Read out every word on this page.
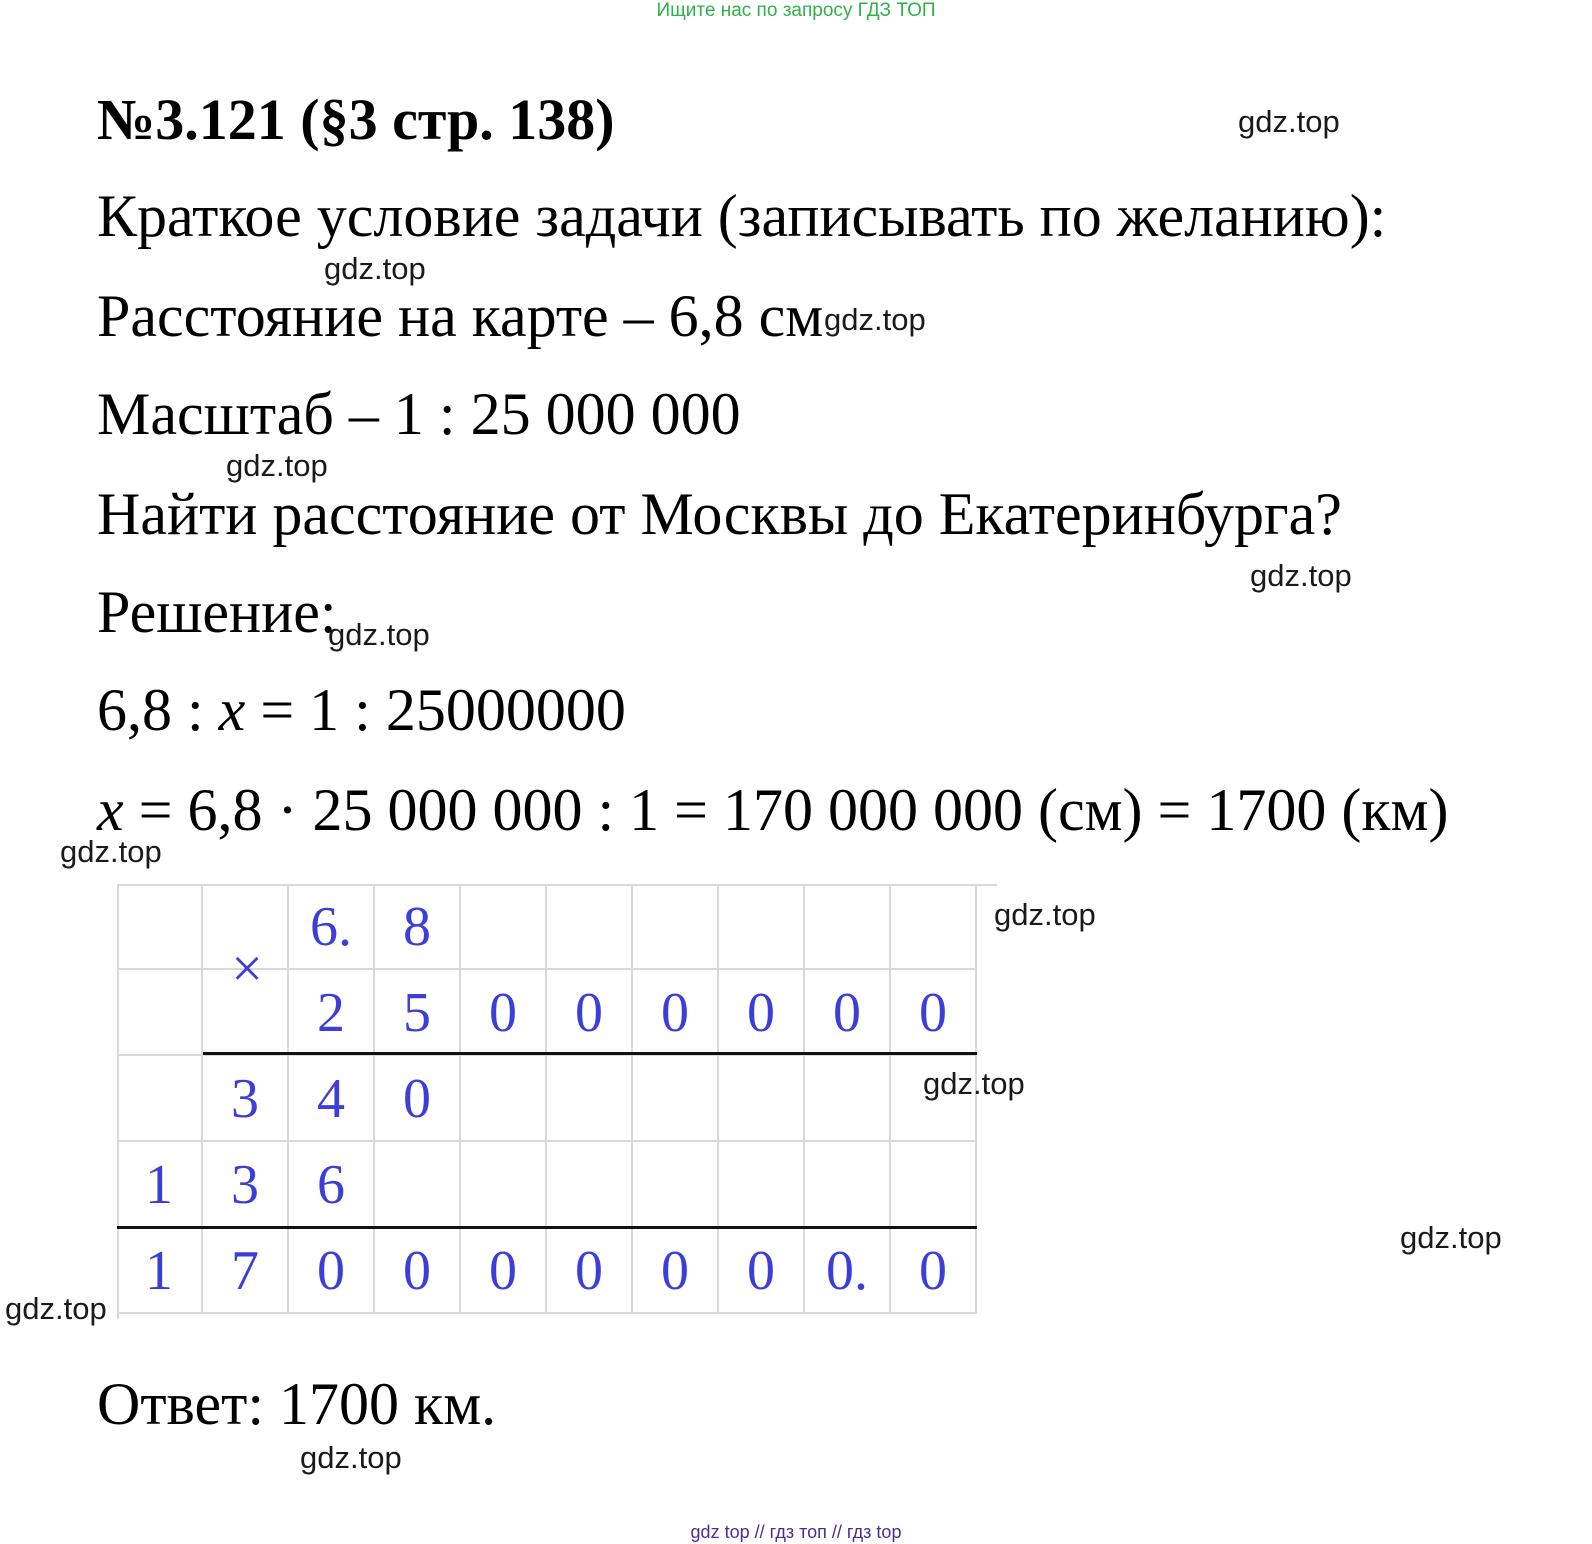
Ищите нас по запросу ГДЗ ТОП
№3.121 (§3 стр. 138)
Краткое условие задачи (записывать по желанию):
Расстояние на карте – 6,8 см
Масштаб – 1 : 25 000 000
Найти расстояние от Москвы до Екатеринбурга?
Решение:
6,8 : x = 1 : 25000000
x = 6,8 · 25 000 000 : 1 = 170 000 000 (см) = 1700 (км)
0
0.
0
0
0
0
0
0
7
1
6
3
1
0
4
3
0
0
0
0
0
0
5
2
8
6.
×
Ответ: 1700 км.
gdz.top
gdz.top
gdz.top
gdz.top
gdz.top
gdz.top
gdz.top
gdz.top
gdz.top
gdz.top
gdz.top
gdz.top
gdz top // гдз топ // гдз top
